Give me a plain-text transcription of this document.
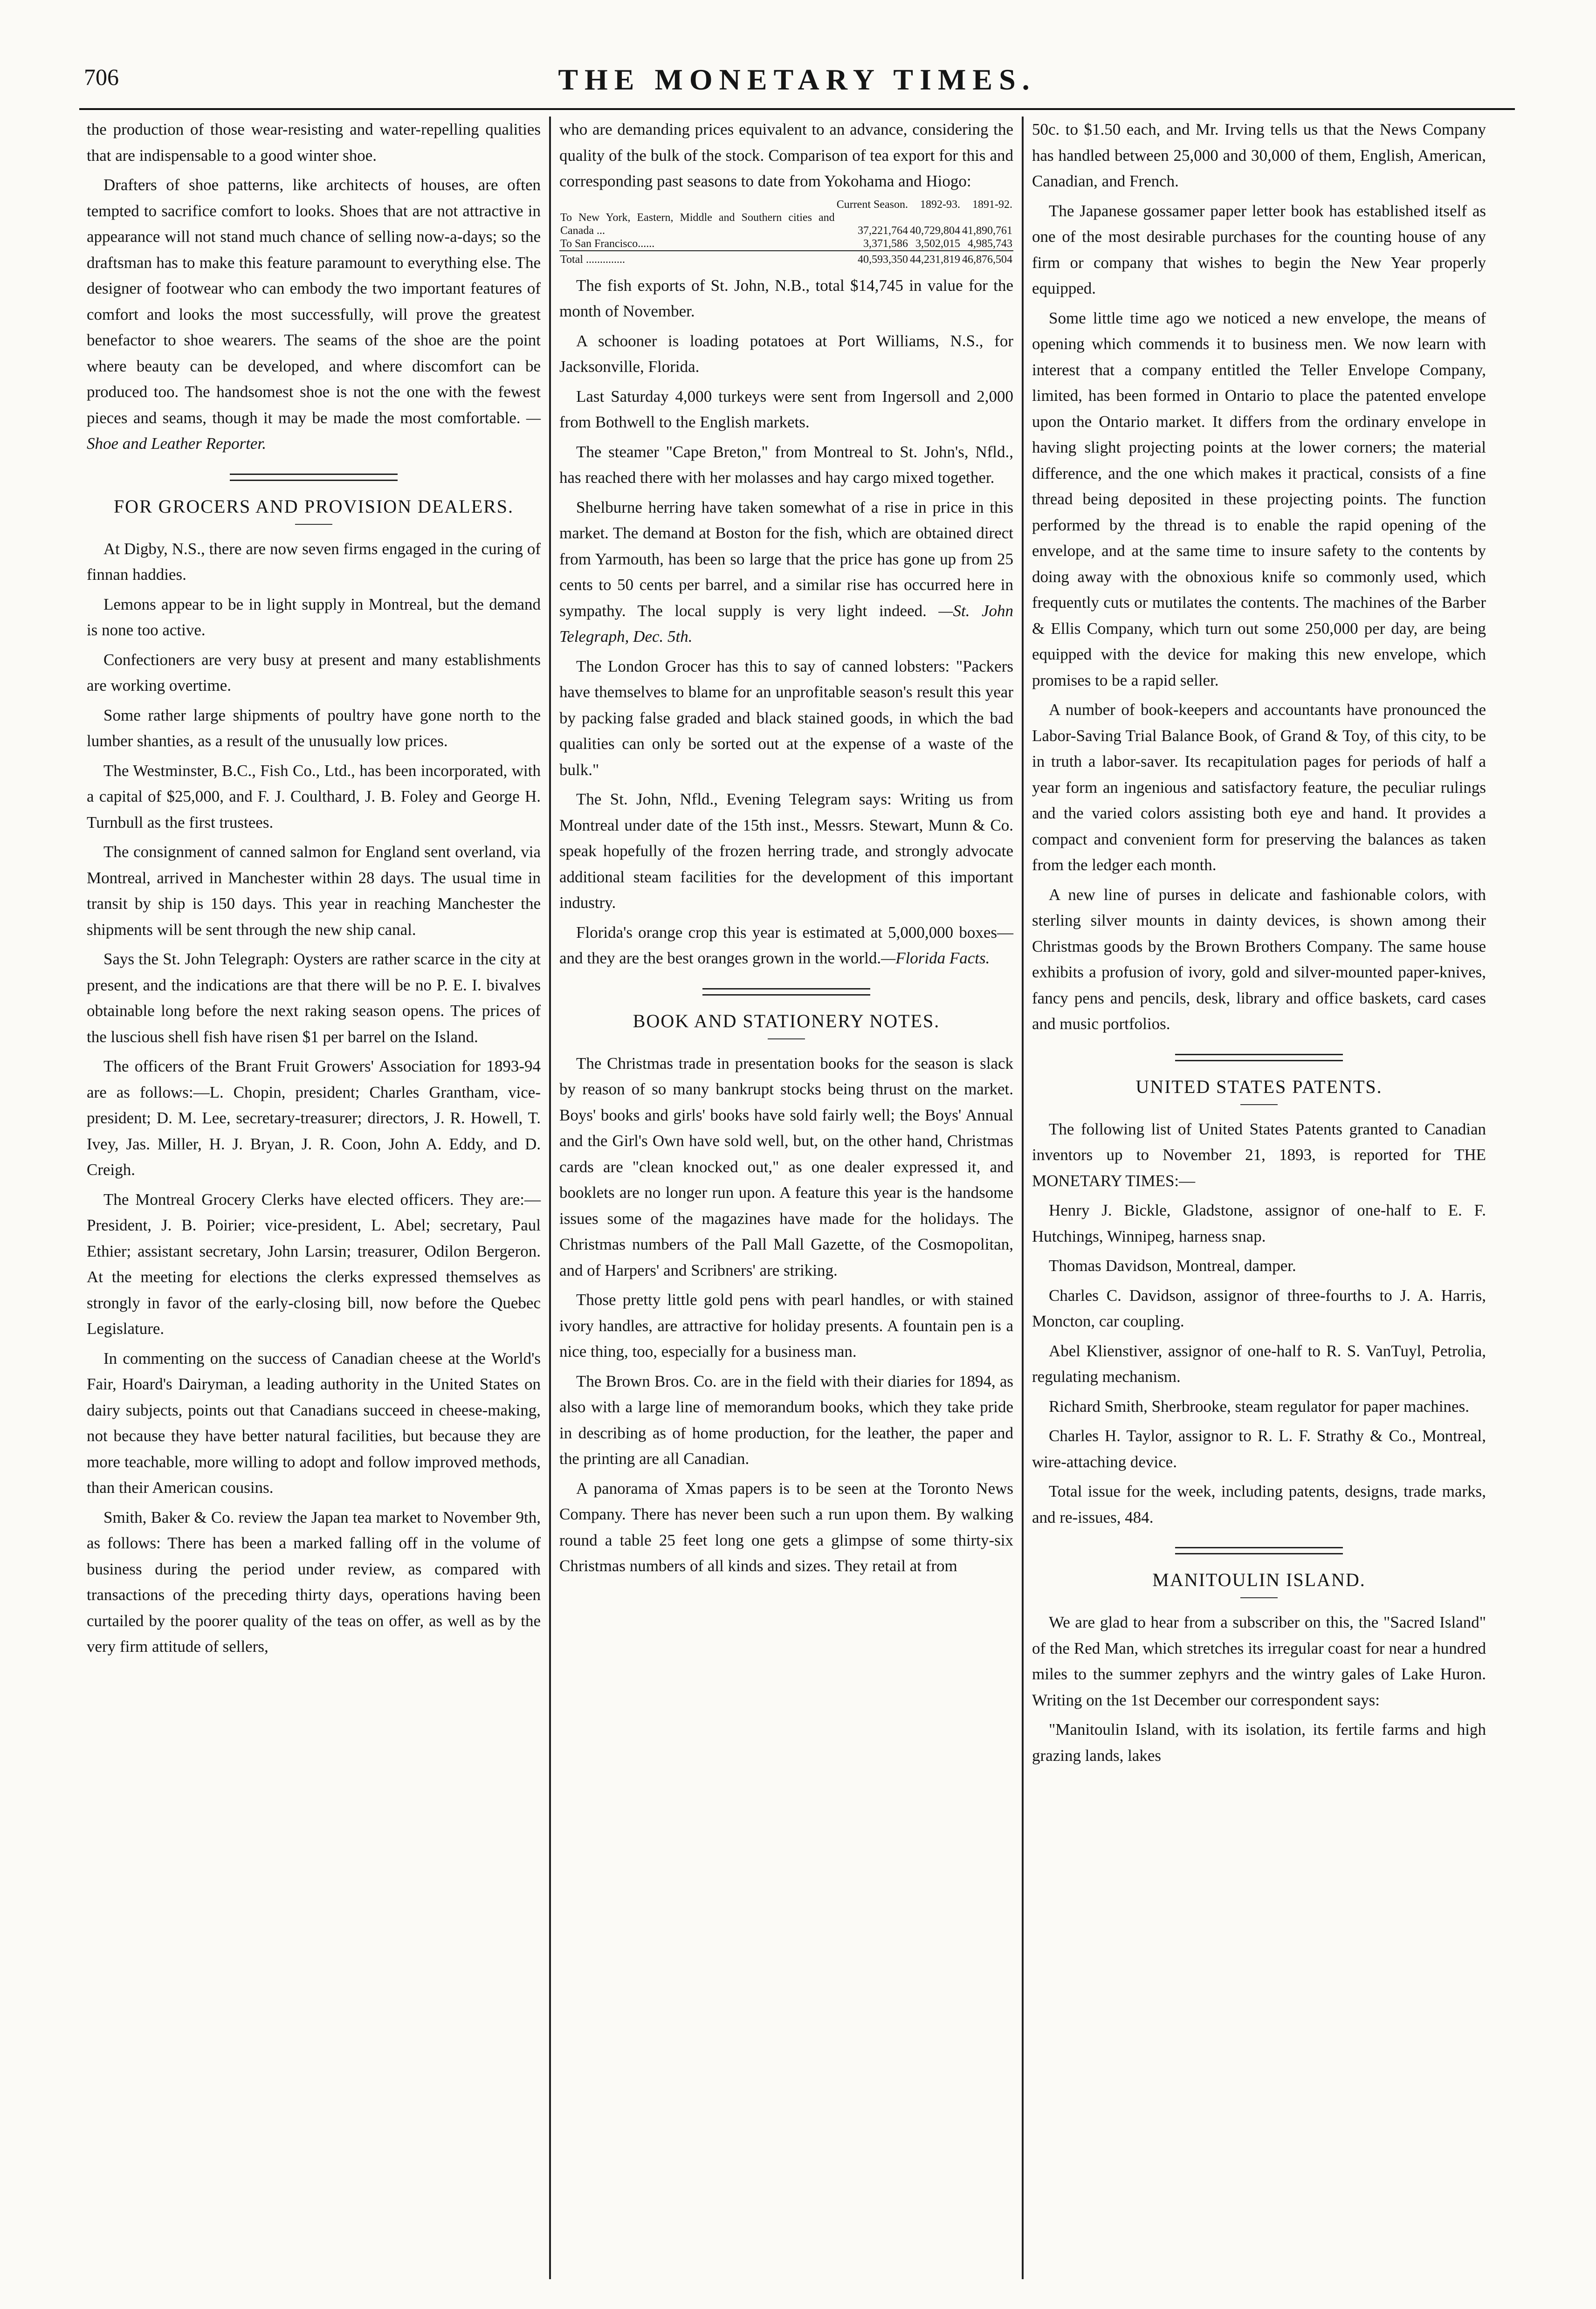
706	THE MONETARY TIMES.

the production of those wear-resisting and water-repelling qualities that are indispensable to a good winter shoe.

Drafters of shoe patterns, like architects of houses, are often tempted to sacrifice comfort to looks. Shoes that are not attractive in appearance will not stand much chance of selling now-a-days; so the draftsman has to make this feature paramount to everything else. The designer of footwear who can embody the two important features of comfort and looks the most successfully, will prove the greatest benefactor to shoe wearers. The seams of the shoe are the point where beauty can be developed, and where discomfort can be produced too. The handsomest shoe is not the one with the fewest pieces and seams, though it may be made the most comfortable. —Shoe and Leather Reporter.

FOR GROCERS AND PROVISION DEALERS.

At Digby, N.S., there are now seven firms engaged in the curing of finnan haddies.

Lemons appear to be in light supply in Montreal, but the demand is none too active.

Confectioners are very busy at present and many establishments are working overtime.

Some rather large shipments of poultry have gone north to the lumber shanties, as a result of the unusually low prices.

The Westminster, B.C., Fish Co., Ltd., has been incorporated, with a capital of $25,000, and F. J. Coulthard, J. B. Foley and George H. Turnbull as the first trustees.

The consignment of canned salmon for England sent overland, via Montreal, arrived in Manchester within 28 days. The usual time in transit by ship is 150 days. This year in reaching Manchester the shipments will be sent through the new ship canal.

Says the St. John Telegraph: Oysters are rather scarce in the city at present, and the indications are that there will be no P. E. I. bivalves obtainable long before the next raking season opens. The prices of the luscious shell fish have risen $1 per barrel on the Island.

The officers of the Brant Fruit Growers' Association for 1893-94 are as follows:—L. Chopin, president; Charles Grantham, vice-president; D. M. Lee, secretary-treasurer; directors, J. R. Howell, T. Ivey, Jas. Miller, H. J. Bryan, J. R. Coon, John A. Eddy, and D. Creigh.

The Montreal Grocery Clerks have elected officers. They are:—President, J. B. Poirier; vice-president, L. Abel; secretary, Paul Ethier; assistant secretary, John Larsin; treasurer, Odilon Bergeron. At the meeting for elections the clerks expressed themselves as strongly in favor of the early-closing bill, now before the Quebec Legislature.

In commenting on the success of Canadian cheese at the World's Fair, Hoard's Dairyman, a leading authority in the United States on dairy subjects, points out that Canadians succeed in cheese-making, not because they have better natural facilities, but because they are more teachable, more willing to adopt and follow improved methods, than their American cousins.

Smith, Baker & Co. review the Japan tea market to November 9th, as follows: There has been a marked falling off in the volume of business during the period under review, as compared with transactions of the preceding thirty days, operations having been curtailed by the poorer quality of the teas on offer, as well as by the very firm attitude of sellers,

who are demanding prices equivalent to an advance, considering the quality of the bulk of the stock. Comparison of tea export for this and corresponding past seasons to date from Yokohama and Hiogo:

	Current Season.	1892-93.	1891-92.
To New York, Eastern, Middle and Southern cities and Canada ...	37,221,764	40,729,804	41,890,761
To San Francisco......	3,371,586	3,502,015	4,985,743
Total ..............	40,593,350	44,231,819	46,876,504

The fish exports of St. John, N.B., total $14,745 in value for the month of November.

A schooner is loading potatoes at Port Williams, N.S., for Jacksonville, Florida.

Last Saturday 4,000 turkeys were sent from Ingersoll and 2,000 from Bothwell to the English markets.

The steamer "Cape Breton," from Montreal to St. John's, Nfld., has reached there with her molasses and hay cargo mixed together.

Shelburne herring have taken somewhat of a rise in price in this market. The demand at Boston for the fish, which are obtained direct from Yarmouth, has been so large that the price has gone up from 25 cents to 50 cents per barrel, and a similar rise has occurred here in sympathy. The local supply is very light indeed. —St. John Telegraph, Dec. 5th.

The London Grocer has this to say of canned lobsters: "Packers have themselves to blame for an unprofitable season's result this year by packing false graded and black stained goods, in which the bad qualities can only be sorted out at the expense of a waste of the bulk."

The St. John, Nfld., Evening Telegram says: Writing us from Montreal under date of the 15th inst., Messrs. Stewart, Munn & Co. speak hopefully of the frozen herring trade, and strongly advocate additional steam facilities for the development of this important industry.

Florida's orange crop this year is estimated at 5,000,000 boxes—and they are the best oranges grown in the world.—Florida Facts.

BOOK AND STATIONERY NOTES.

The Christmas trade in presentation books for the season is slack by reason of so many bankrupt stocks being thrust on the market. Boys' books and girls' books have sold fairly well; the Boys' Annual and the Girl's Own have sold well, but, on the other hand, Christmas cards are "clean knocked out," as one dealer expressed it, and booklets are no longer run upon. A feature this year is the handsome issues some of the magazines have made for the holidays. The Christmas numbers of the Pall Mall Gazette, of the Cosmopolitan, and of Harpers' and Scribners' are striking.

Those pretty little gold pens with pearl handles, or with stained ivory handles, are attractive for holiday presents. A fountain pen is a nice thing, too, especially for a business man.

The Brown Bros. Co. are in the field with their diaries for 1894, as also with a large line of memorandum books, which they take pride in describing as of home production, for the leather, the paper and the printing are all Canadian.

A panorama of Xmas papers is to be seen at the Toronto News Company. There has never been such a run upon them. By walking round a table 25 feet long one gets a glimpse of some thirty-six Christmas numbers of all kinds and sizes. They retail at from

50c. to $1.50 each, and Mr. Irving tells us that the News Company has handled between 25,000 and 30,000 of them, English, American, Canadian, and French.

The Japanese gossamer paper letter book has established itself as one of the most desirable purchases for the counting house of any firm or company that wishes to begin the New Year properly equipped.

Some little time ago we noticed a new envelope, the means of opening which commends it to business men. We now learn with interest that a company entitled the Teller Envelope Company, limited, has been formed in Ontario to place the patented envelope upon the Ontario market. It differs from the ordinary envelope in having slight projecting points at the lower corners; the material difference, and the one which makes it practical, consists of a fine thread being deposited in these projecting points. The function performed by the thread is to enable the rapid opening of the envelope, and at the same time to insure safety to the contents by doing away with the obnoxious knife so commonly used, which frequently cuts or mutilates the contents. The machines of the Barber & Ellis Company, which turn out some 250,000 per day, are being equipped with the device for making this new envelope, which promises to be a rapid seller.

A number of book-keepers and accountants have pronounced the Labor-Saving Trial Balance Book, of Grand & Toy, of this city, to be in truth a labor-saver. Its recapitulation pages for periods of half a year form an ingenious and satisfactory feature, the peculiar rulings and the varied colors assisting both eye and hand. It provides a compact and convenient form for preserving the balances as taken from the ledger each month.

A new line of purses in delicate and fashionable colors, with sterling silver mounts in dainty devices, is shown among their Christmas goods by the Brown Brothers Company. The same house exhibits a profusion of ivory, gold and silver-mounted paper-knives, fancy pens and pencils, desk, library and office baskets, card cases and music portfolios.

UNITED STATES PATENTS.

The following list of United States Patents granted to Canadian inventors up to November 21, 1893, is reported for THE MONETARY TIMES:—

Henry J. Bickle, Gladstone, assignor of one-half to E. F. Hutchings, Winnipeg, harness snap.

Thomas Davidson, Montreal, damper.

Charles C. Davidson, assignor of three-fourths to J. A. Harris, Moncton, car coupling.

Abel Klienstiver, assignor of one-half to R. S. VanTuyl, Petrolia, regulating mechanism.

Richard Smith, Sherbrooke, steam regulator for paper machines.

Charles H. Taylor, assignor to R. L. F. Strathy & Co., Montreal, wire-attaching device.

Total issue for the week, including patents, designs, trade marks, and re-issues, 484.

MANITOULIN ISLAND.

We are glad to hear from a subscriber on this, the "Sacred Island" of the Red Man, which stretches its irregular coast for near a hundred miles to the summer zephyrs and the wintry gales of Lake Huron. Writing on the 1st December our correspondent says:

"Manitoulin Island, with its isolation, its fertile farms and high grazing lands, lakes
